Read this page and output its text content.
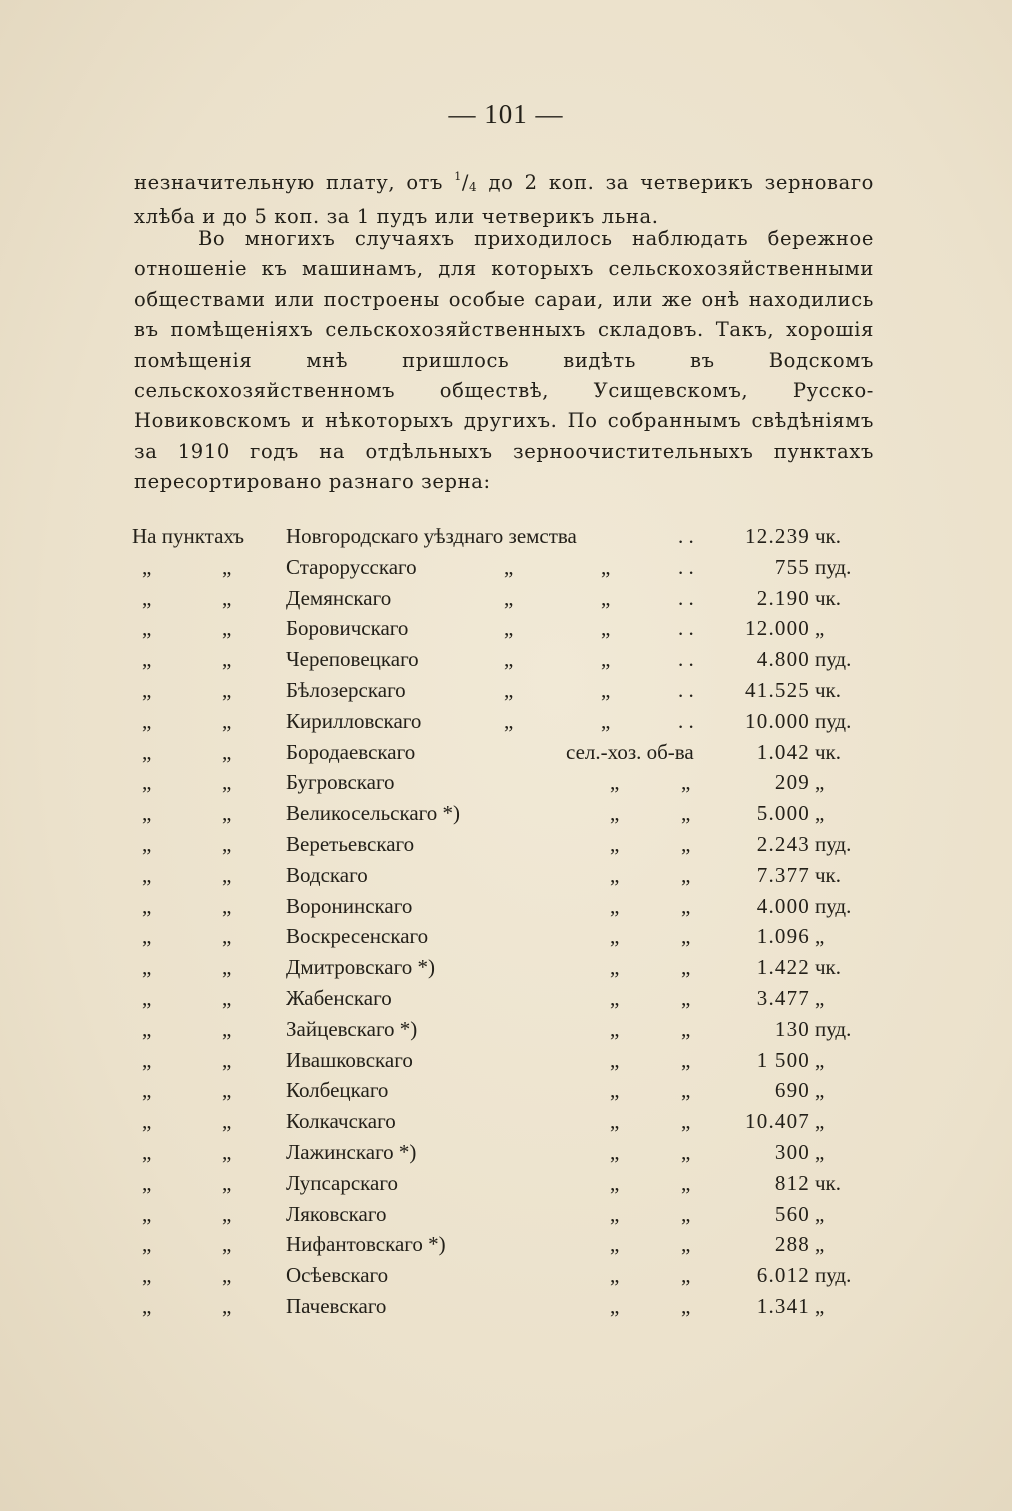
— 101 —
незначительную плату, отъ $^1$/4 до 2 коп. за четверикъ зерноваго хлѣба и до 5 коп. за 1 пудъ или четверикъ льна.
Во многихъ случаяхъ приходилось наблюдать бережное отношеніе къ машинамъ, для которыхъ сельскохозяйственными обществами или построены особые сараи, или же онѣ находились въ помѣщеніяхъ сельскохозяйственныхъ складовъ. Такъ, хорошія помѣщенія мнѣ пришлось видѣть въ Водскомъ сельскохозяйственномъ обществѣ, Усищевскомъ, Русско-Новиковскомъ и нѣкоторыхъ другихъ. По собраннымъ свѣдѣніямъ за 1910 годъ на отдѣльныхъ зерноочистительныхъ пунктахъ пересортировано разнаго зерна:
На пунктахъ Новгородскаго уѣзднаго земства	. .	12.239 чк.
„	„	Старорусскаго	„	„	. .	755 пуд.
„	„	Демянскаго	„	„	. .	2.190 чк.
„	„	Боровичскаго	„	„	. .	12.000 „
„	„	Череповецкаго	„	„	. .	4.800 пуд.
„	„	Бѣлозерскаго	„	„	. .	41.525 чк.
„	„	Кирилловскаго	„	„	. .	10.000 пуд.
„	„	Бородаевскаго	сел.-хоз. об-ва	1.042 чк.
„	„	Бугровскаго	„	„	209 „
„	„	Великосельскаго *)	„	„	5.000 „
„	„	Веретьевскаго	„	„	2.243 пуд.
„	„	Водскаго	„	„	7.377 чк.
„	„	Воронинскаго	„	„	4.000 пуд.
„	„	Воскресенскаго	„	„	1.096 „
„	„	Дмитровскаго *)	„	„	1.422 чк.
„	„	Жабенскаго	„	„	3.477 „
„	„	Зайцевскаго *)	„	„	130 пуд.
„	„	Ивашковскаго	„	„	1 500 „
„	„	Колбецкаго	„	„	690 „
„	„	Колкачскаго	„	„	10.407 „
„	„	Лажинскаго *)	„	„	300 „
„	„	Лупсарскаго	„	„	812 чк.
„	„	Ляковскаго	„	„	560 „
„	„	Нифантовскаго *)	„	„	288 „
„	„	Осѣевскаго	„	„	6.012 пуд.
„	„	Пачевскаго	„	„	1.341 „
